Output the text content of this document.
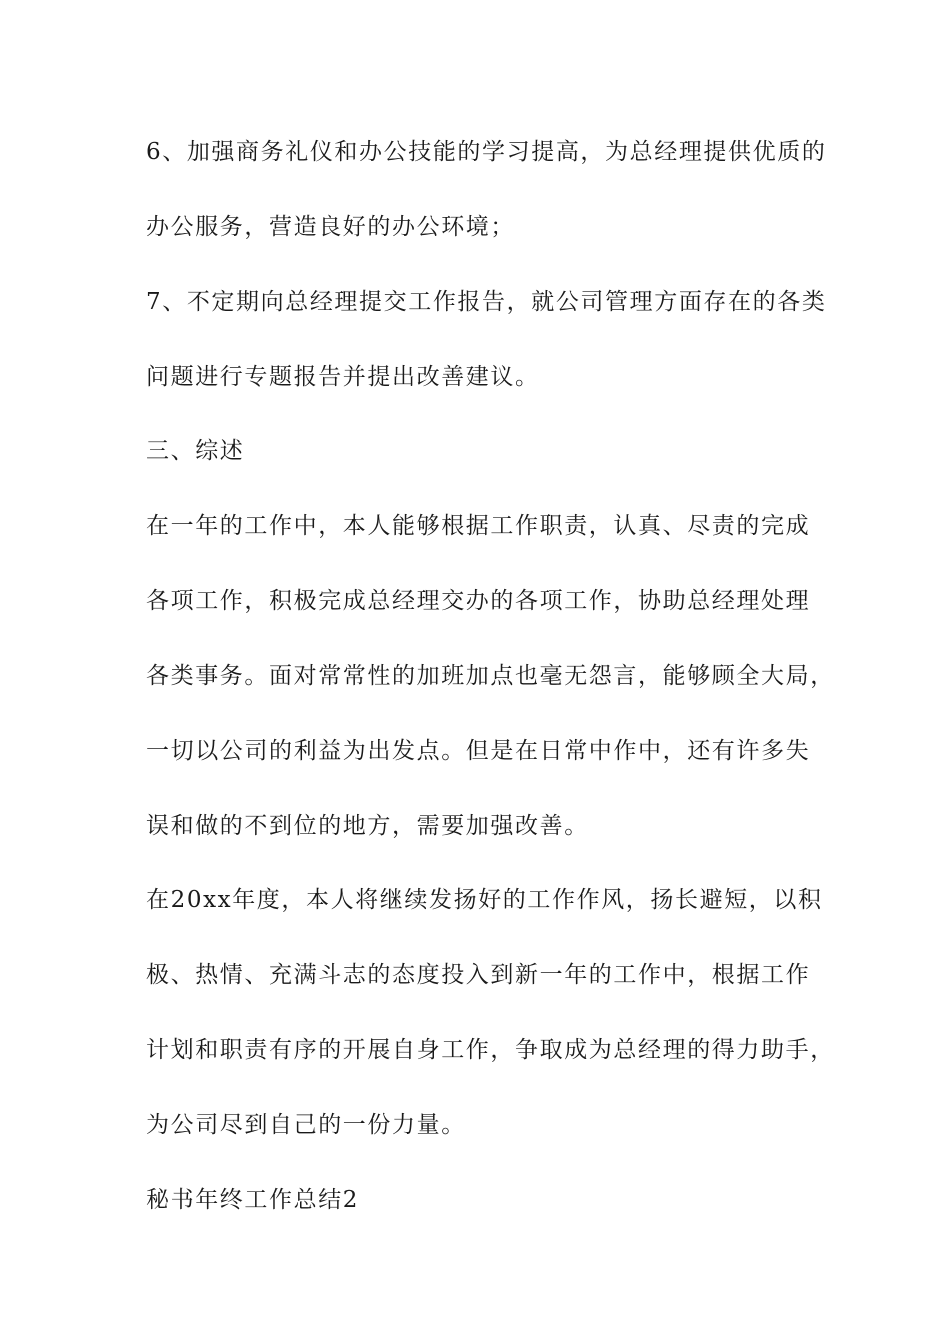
6、加强商务礼仪和办公技能的学习提高，为总经理提供优质的
办公服务，营造良好的办公环境；
7、不定期向总经理提交工作报告，就公司管理方面存在的各类
问题进行专题报告并提出改善建议。
三、综述
在一年的工作中，本人能够根据工作职责，认真、尽责的完成
各项工作，积极完成总经理交办的各项工作，协助总经理处理
各类事务。面对常常性的加班加点也毫无怨言，能够顾全大局，
一切以公司的利益为出发点。但是在日常中作中，还有许多失
误和做的不到位的地方，需要加强改善。
在20xx年度，本人将继续发扬好的工作作风，扬长避短，以积
极、热情、充满斗志的态度投入到新一年的工作中，根据工作
计划和职责有序的开展自身工作，争取成为总经理的得力助手，
为公司尽到自己的一份力量。
秘书年终工作总结2
